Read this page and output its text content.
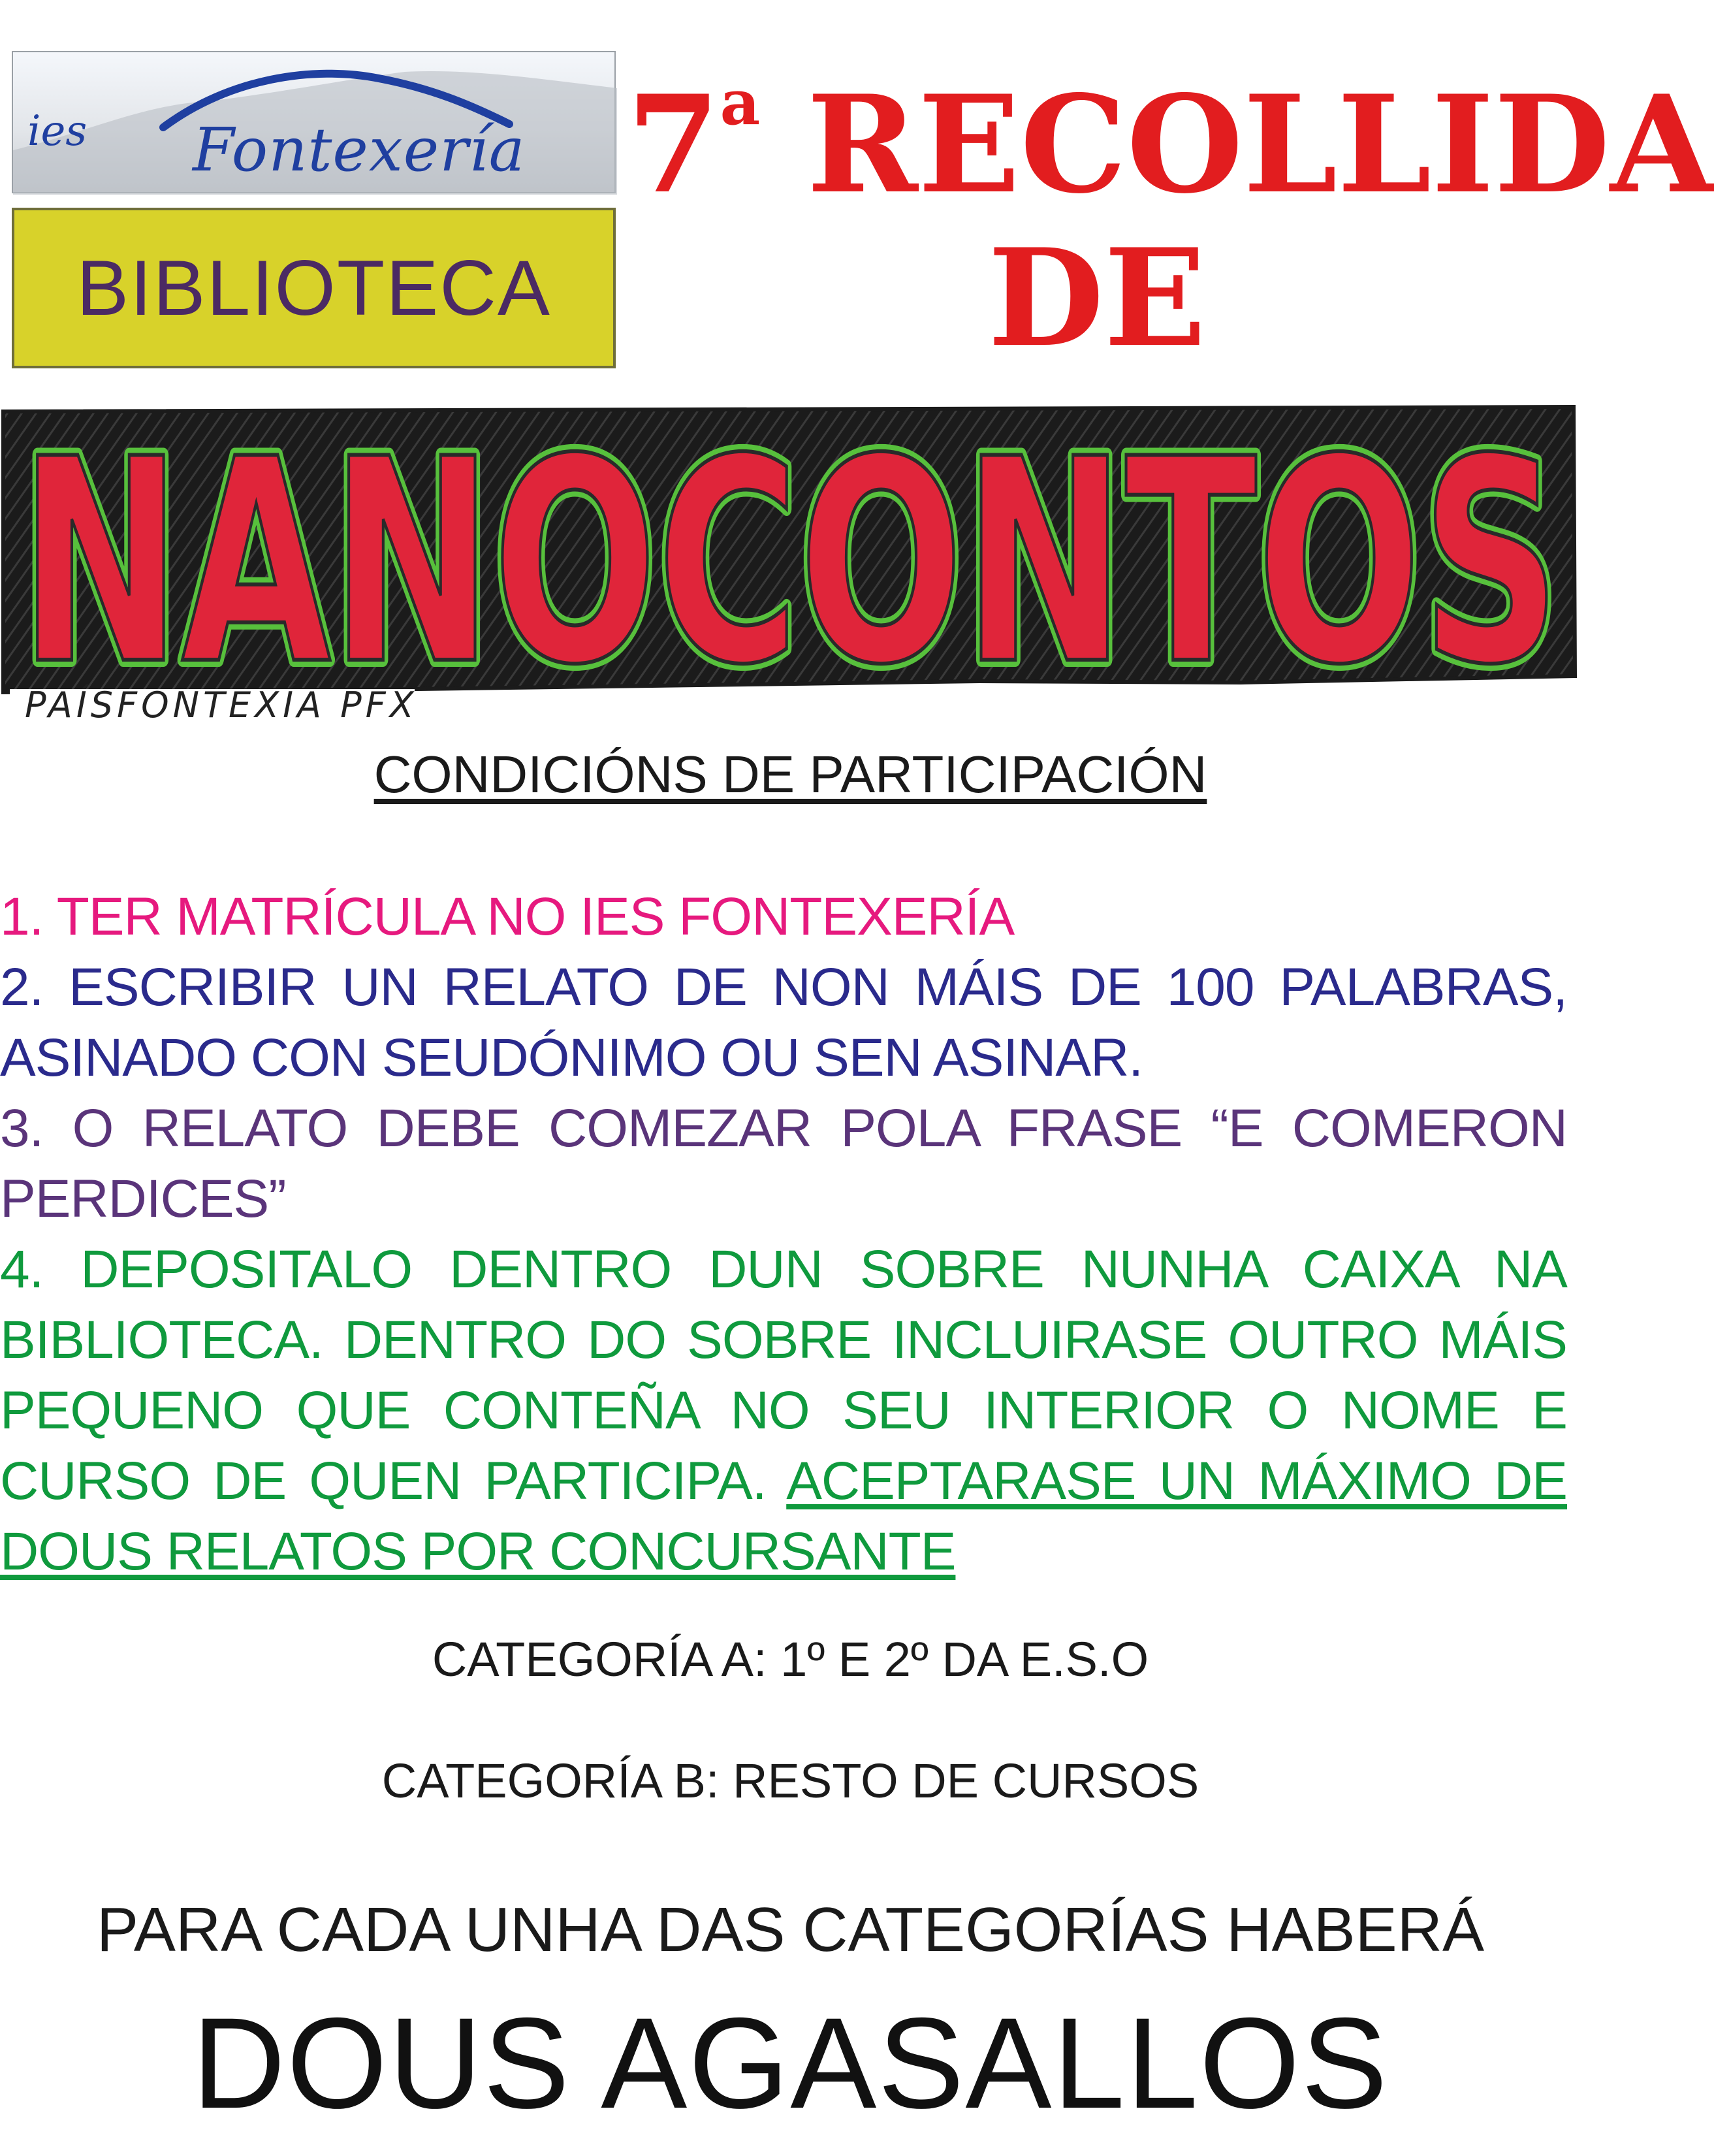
ies Fontexería
BIBLIOTECA
7$^a$ RECOLLIDA
DE
NANOCONTOS
NANOCONTOS
PAÍSFONTEXÍA PFX
CONDICIÓNS DE PARTICIPACIÓN

1. TER MATRÍCULA NO IES FONTEXERÍA

2. ESCRIBIR UN RELATO DE NON MÁIS DE 100 PALABRAS, ASINADO CON SEUDÓNIMO OU SEN ASINAR.

3. O RELATO DEBE COMEZAR POLA FRASE “E COMERON PERDICES”

4. DEPOSITALO DENTRO DUN SOBRE NUNHA CAIXA NA BIBLIOTECA. DENTRO DO SOBRE INCLUIRASE OUTRO MÁIS PEQUENO QUE CONTEÑA NO SEU INTERIOR O NOME E CURSO DE QUEN PARTICIPA. ACEPTARASE UN MÁXIMO DE DOUS RELATOS POR CONCURSANTE

CATEGORÍA A: 1º E 2º DA E.S.O
CATEGORÍA B: RESTO DE CURSOS
PARA CADA UNHA DAS CATEGORÍAS HABERÁ
DOUS AGASALLOS
